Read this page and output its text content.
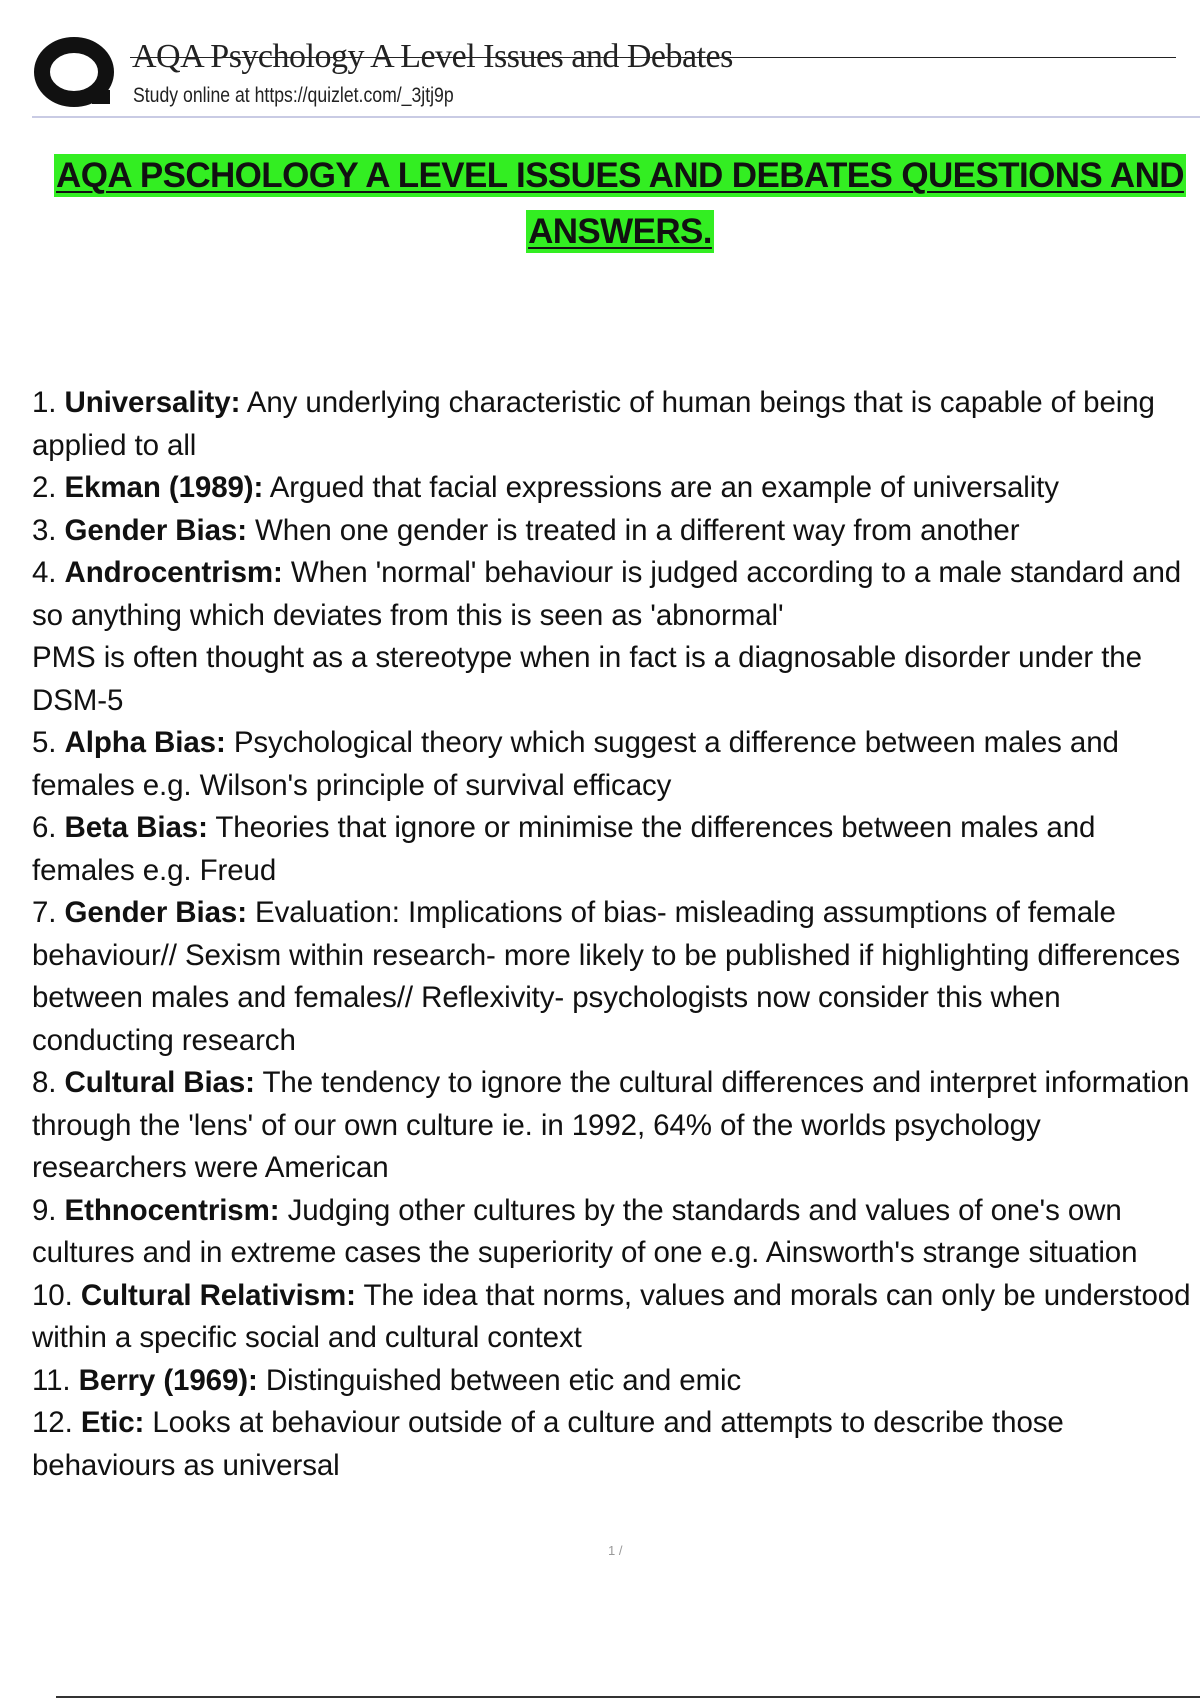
AQA Psychology A Level Issues and Debates
Study online at https://quizlet.com/_3jtj9p
AQA PSCHOLOGY A LEVEL ISSUES AND DEBATES QUESTIONS AND ANSWERS.

1. Universality: Any underlying characteristic of human beings that is capable of being applied to all

2. Ekman (1989): Argued that facial expressions are an example of universality

3. Gender Bias: When one gender is treated in a different way from another

4. Androcentrism: When 'normal' behaviour is judged according to a male standard and so anything which deviates from this is seen as 'abnormal'

PMS is often thought as a stereotype when in fact is a diagnosable disorder under the DSM-5

5. Alpha Bias: Psychological theory which suggest a difference between males and females e.g. Wilson's principle of survival efficacy

6. Beta Bias: Theories that ignore or minimise the differences between males and females e.g. Freud

7. Gender Bias: Evaluation: Implications of bias- misleading assumptions of female behaviour// Sexism within research- more likely to be published if highlighting differences between males and females// Reflexivity- psychologists now consider this when conducting research

8. Cultural Bias: The tendency to ignore the cultural differences and interpret information through the 'lens' of our own culture ie. in 1992, 64% of the worlds psychology researchers were American

9. Ethnocentrism: Judging other cultures by the standards and values of one's own cultures and in extreme cases the superiority of one e.g. Ainsworth's strange situation

10. Cultural Relativism: The idea that norms, values and morals can only be understood within a specific social and cultural context

11. Berry (1969): Distinguished between etic and emic

12. Etic: Looks at behaviour outside of a culture and attempts to describe those behaviours as universal

1 /
